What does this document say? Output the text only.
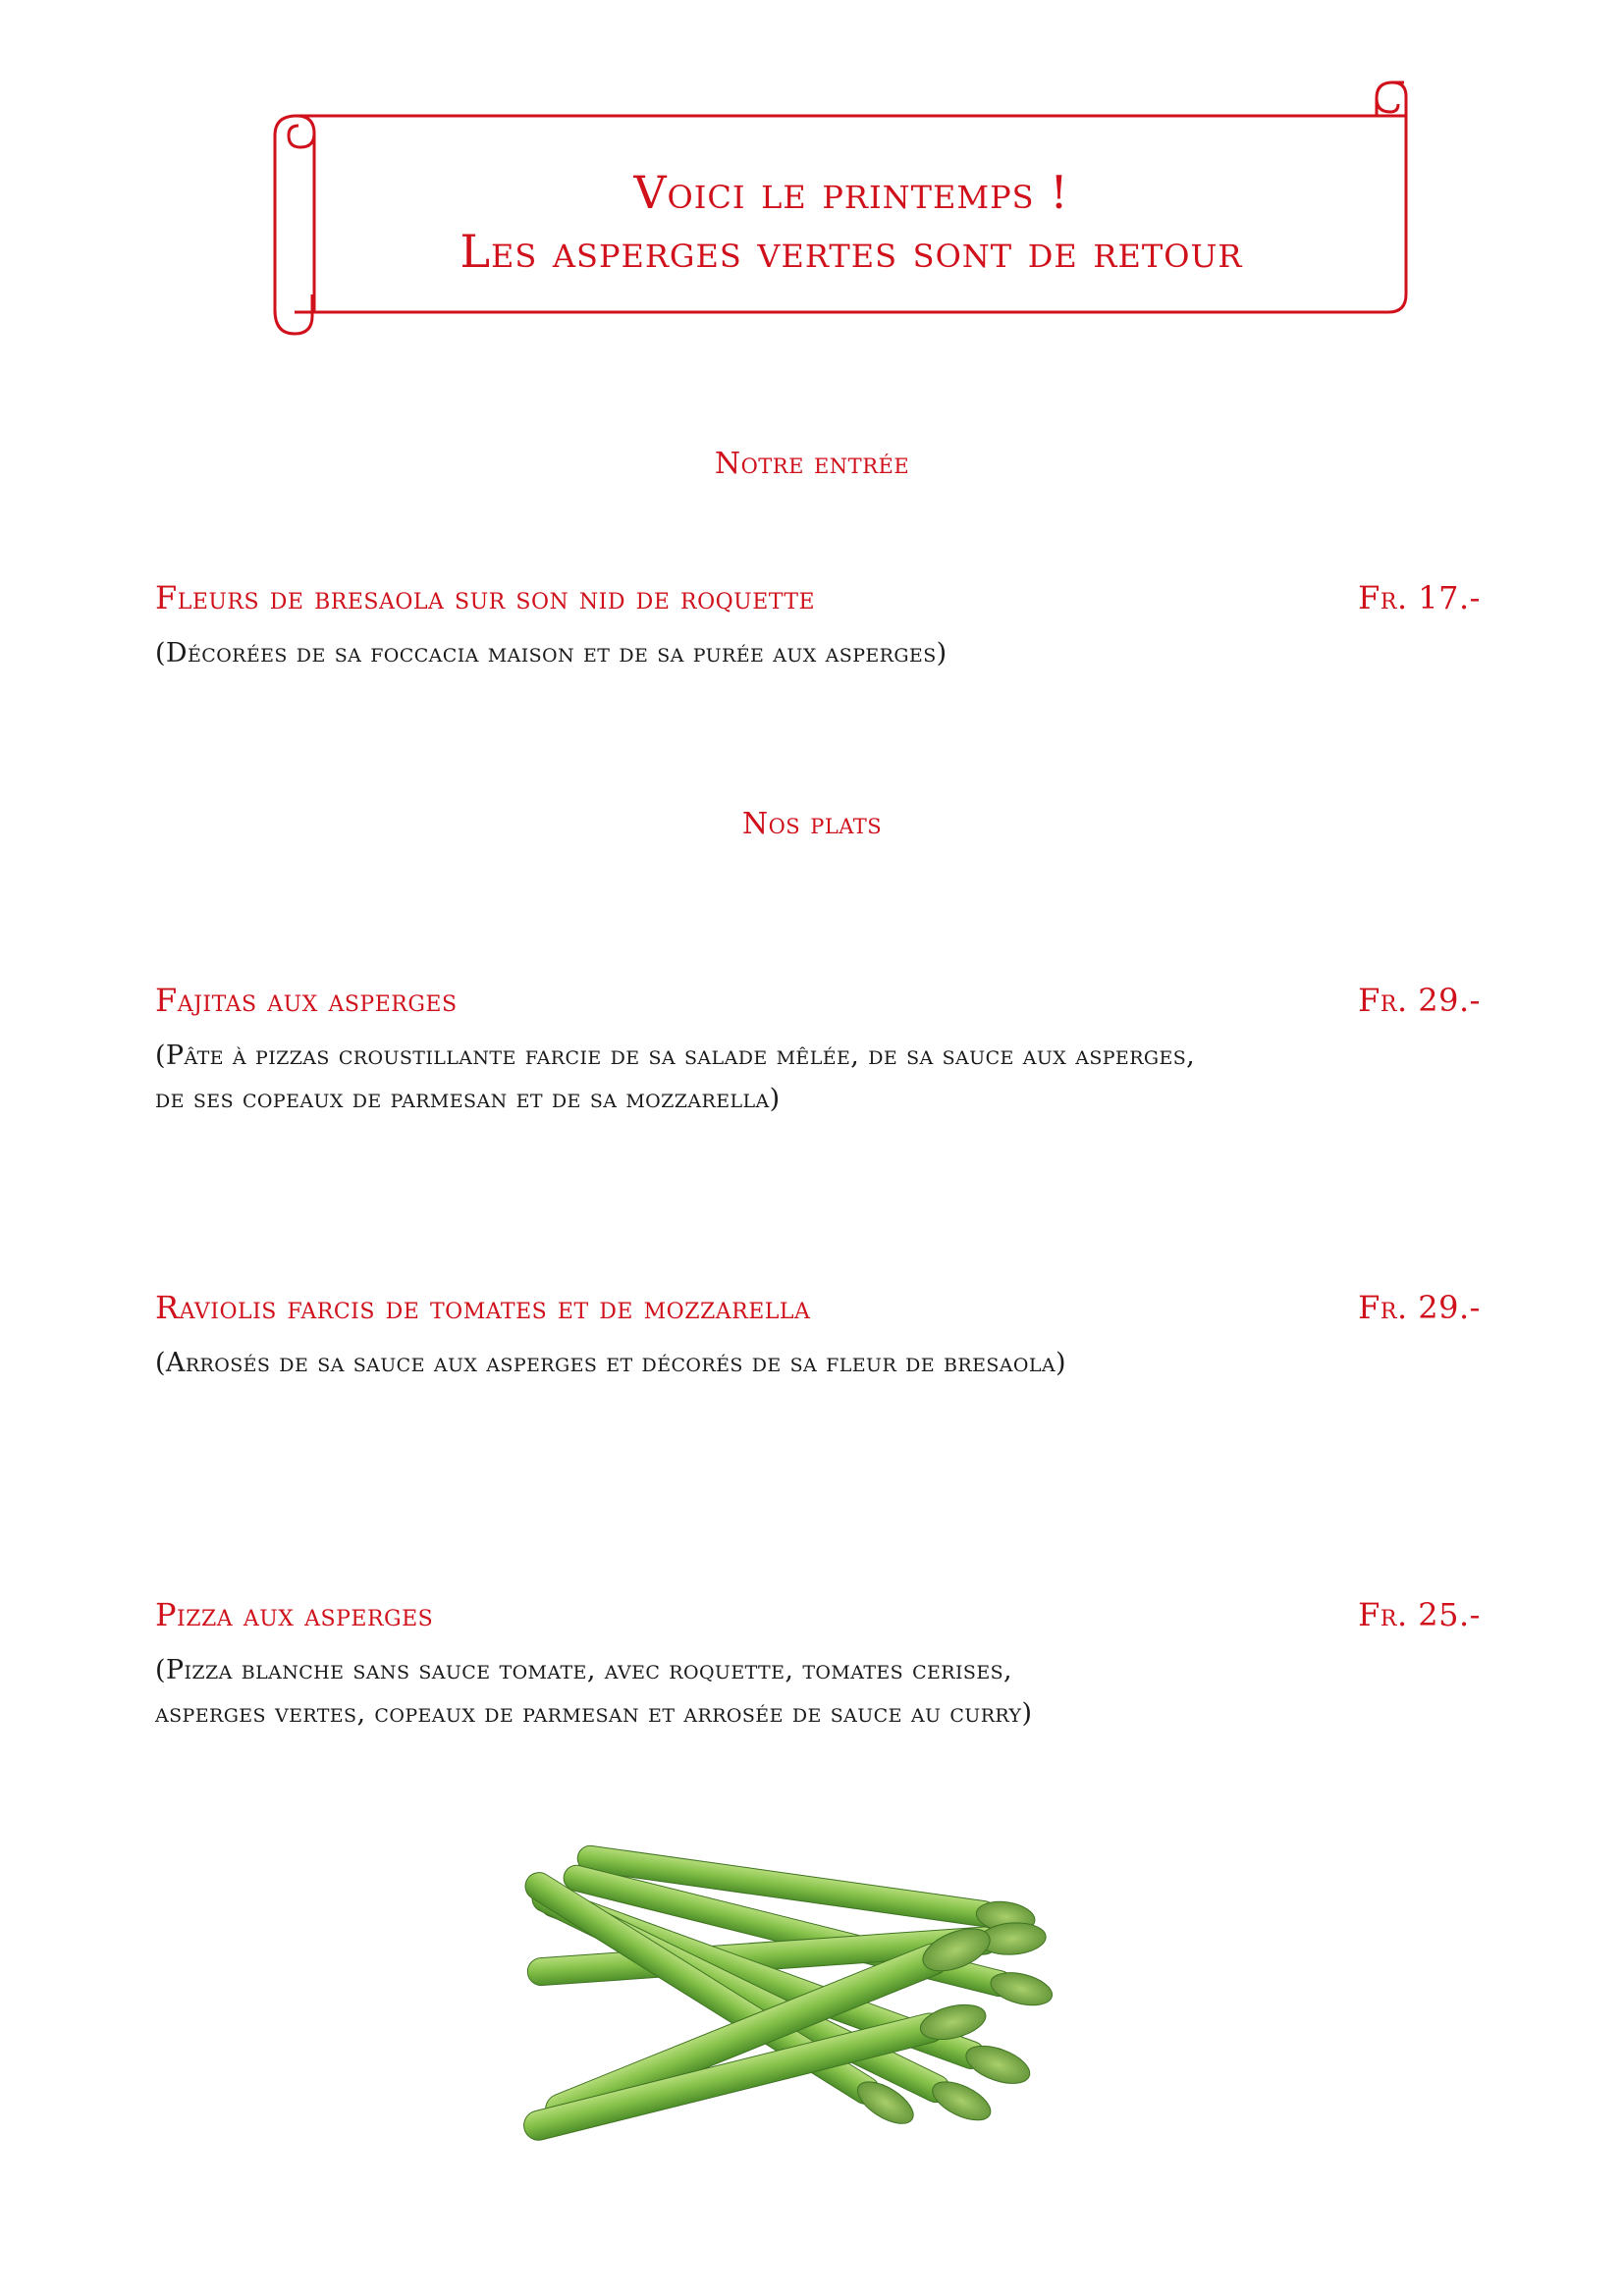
Voici le printemps !
Les asperges vertes sont de retour
Notre entrée
Fleurs de bresaola sur son nid de roquette	Fr. 17.-
(Décorées de sa foccacia maison et de sa purée aux asperges)
Nos plats
Fajitas aux asperges	Fr. 29.-
(Pâte à pizzas croustillante farcie de sa salade mêlée, de sa sauce aux asperges,
de ses copeaux de parmesan et de sa mozzarella)
Raviolis farcis de tomates et de mozzarella	Fr. 29.-
(Arrosés de sa sauce aux asperges et décorés de sa fleur de bresaola)
Pizza aux asperges	Fr. 25.-
(Pizza blanche sans sauce tomate, avec roquette, tomates cerises,
asperges vertes, copeaux de parmesan et arrosée de sauce au curry)
